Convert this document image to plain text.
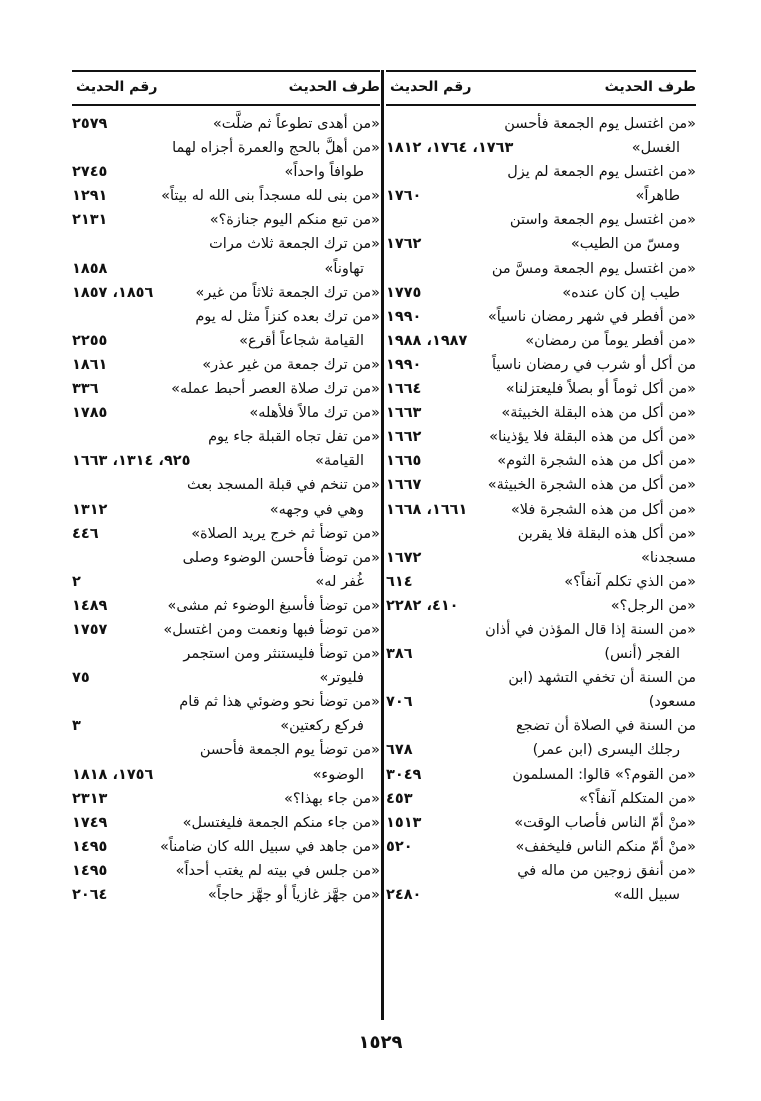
طرف الحديث
رقم الحديث
«من اغتسل يوم الجمعة فأحسن
الغسل»
١٧٦٣، ١٧٦٤، ١٨١٢
«من اغتسل يوم الجمعة لم يزل
طاهراً»
١٧٦٠
«من اغتسل يوم الجمعة واستن
ومسّ من الطيب»
١٧٦٢
«من اغتسل يوم الجمعة ومسَّ من
طيب إن كان عنده»
١٧٧٥
«من أفطر في شهر رمضان ناسياً»
١٩٩٠
«من أفطر يوماً من رمضان»
١٩٨٧، ١٩٨٨
من أكل أو شرب في رمضان ناسياً
١٩٩٠
«من أكل ثوماً أو بصلاً فليعتزلنا»
١٦٦٤
«من أكل من هذه البقلة الخبيثة»
١٦٦٣
«من أكل من هذه البقلة فلا يؤذينا»
١٦٦٢
«من أكل من هذه الشجرة الثوم»
١٦٦٥
«من أكل من هذه الشجرة الخبيثة»
١٦٦٧
«من أكل من هذه الشجرة فلا»
١٦٦١، ١٦٦٨
«من أكل هذه البقلة فلا يقربن
مسجدنا»
١٦٧٢
«من الذي تكلم آنفاً؟»
٦١٤
«من الرجل؟»
٤١٠، ٢٢٨٢
«من السنة إذا قال المؤذن في أذان
الفجر (أنس)
٣٨٦
من السنة أن تخفي التشهد (ابن
مسعود)
٧٠٦
من السنة في الصلاة أن تضجع
رجلك اليسرى (ابن عمر)
٦٧٨
«من القوم؟» قالوا: المسلمون
٣٠٤٩
«من المتكلم آنفاً؟»
٤٥٣
«منْ أمّ الناس فأصاب الوقت»
١٥١٣
«منْ أمّ منكم الناس فليخفف»
٥٢٠
«من أنفق زوجين من ماله في
سبيل الله»
٢٤٨٠
طرف الحديث
رقم الحديث
«من أهدى تطوعاً ثم ضلَّت»
٢٥٧٩
«من أهلَّ بالحج والعمرة أجزاه لهما
طوافاً واحداً»
٢٧٤٥
«من بنى لله مسجداً بنى الله له بيتاً»
١٢٩١
«من تبع منكم اليوم جنازة؟»
٢١٣١
«من ترك الجمعة ثلاث مرات
تهاوناً»
١٨٥٨
«من ترك الجمعة ثلاثاً من غير»
١٨٥٦، ١٨٥٧
«من ترك بعده كنزاً مثل له يوم
القيامة شجاعاً أقرع»
٢٢٥٥
«من ترك جمعة من غير عذر»
١٨٦١
«من ترك صلاة العصر أحبط عمله»
٣٣٦
«من ترك مالاً فلأهله»
١٧٨٥
«من تفل تجاه القبلة جاء يوم
القيامة»
٩٢٥، ١٣١٤، ١٦٦٣
«من تنخم في قبلة المسجد بعث
وهي في وجهه»
١٣١٢
«من توضأ ثم خرج يريد الصلاة»
٤٤٦
«من توضأ فأحسن الوضوء وصلى
غُفر له»
٢
«من توضأ فأسبغ الوضوء ثم مشى»
١٤٨٩
«من توضأ فبها ونعمت ومن اغتسل»
١٧٥٧
«من توضأ فليستنثر ومن استجمر
فليوتر»
٧٥
«من توضأ نحو وضوئي هذا ثم قام
فركع ركعتين»
٣
«من توضأ يوم الجمعة فأحسن
الوضوء»
١٧٥٦، ١٨١٨
«من جاء بهذا؟»
٢٣١٣
«من جاء منكم الجمعة فليغتسل»
١٧٤٩
«من جاهد في سبيل الله كان ضامناً»
١٤٩٥
«من جلس في بيته لم يغتب أحداً»
١٤٩٥
«من جهَّز غازياً أو جهَّز حاجاً»
٢٠٦٤
١٥٢٩
